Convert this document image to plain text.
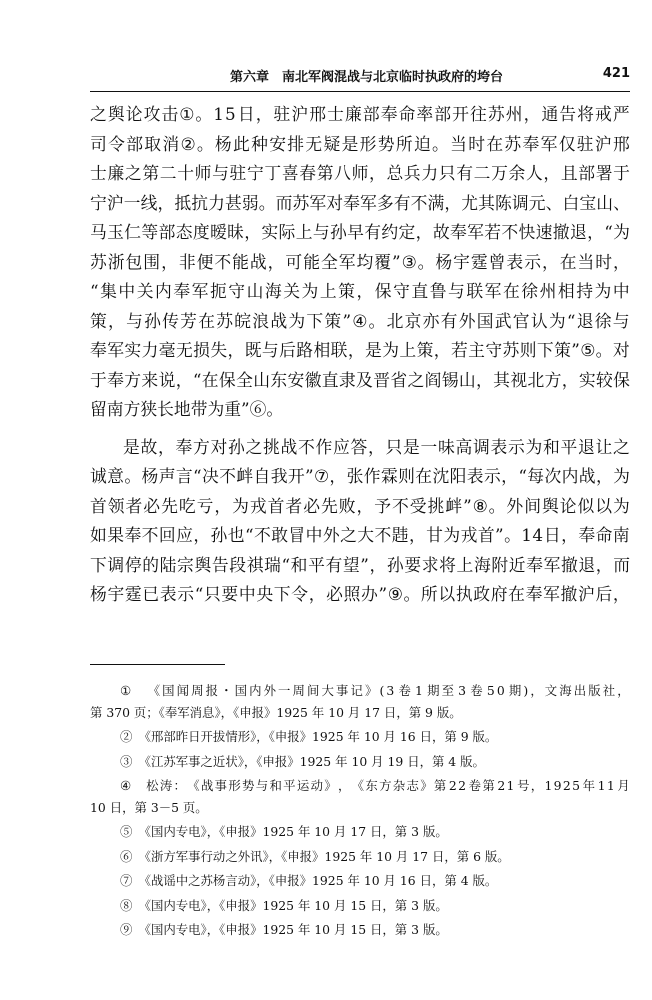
第六章　南北军阀混战与北京临时执政府的垮台	421
之 舆 论 攻 击 ① 。 1 5 日 ， 驻 沪 邢 士 廉 部 奉 命 率 部 开 往 苏 州 ， 通 告 将 戒 严
司 令 部 取 消 ② 。 杨 此 种 安 排 无 疑 是 形 势 所 迫 。 当 时 在 苏 奉 军 仅 驻 沪 邢
士 廉 之 第 二 十 师 与 驻 宁 丁 喜 春 第 八 师 ， 总 兵 力 只 有 二 万 余 人 ， 且 部 署 于
宁 沪 一 线 ， 抵 抗 力 甚 弱 。 而 苏 军 对 奉 军 多 有 不 满 ， 尤 其 陈 调 元 、 白 宝 山 、
马 玉 仁 等 部 态 度 暧 昧 ， 实 际 上 与 孙 早 有 约 定 ， 故 奉 军 若 不 快 速 撤 退 ， “ 为
苏 浙 包 围 ， 非 便 不 能 战 ， 可 能 全 军 均 覆 ” ③ 。 杨 宇 霆 曾 表 示 ， 在 当 时 ，
“ 集 中 关 内 奉 军 扼 守 山 海 关 为 上 策 ， 保 守 直 鲁 与 联 军 在 徐 州 相 持 为 中
策 ， 与 孙 传 芳 在 苏 皖 浪 战 为 下 策 ” ④ 。 北 京 亦 有 外 国 武 官 认 为 “ 退 徐 与
奉 军 实 力 毫 无 损 失 ， 既 与 后 路 相 联 ， 是 为 上 策 ， 若 主 守 苏 则 下 策 ” ⑤ 。 对
于 奉 方 来 说 ， “ 在 保 全 山 东 安 徽 直 隶 及 晋 省 之 阎 锡 山 ， 其 视 北 方 ， 实 较 保
留南方狭长地带为重”⑥。
是 故 ， 奉 方 对 孙 之 挑 战 不 作 应 答 ， 只 是 一 味 高 调 表 示 为 和 平 退 让 之
诚 意 。 杨 声 言 “ 决 不 衅 自 我 开 ” ⑦ ， 张 作 霖 则 在 沈 阳 表 示 ， “ 每 次 内 战 ， 为
首 领 者 必 先 吃 亏 ， 为 戎 首 者 必 先 败 ， 予 不 受 挑 衅 ” ⑧ 。 外 间 舆 论 似 以 为
如 果 奉 不 回 应 ， 孙 也 “ 不 敢 冒 中 外 之 大 不 韪 ， 甘 为 戎 首 ” 。 1 4 日 ， 奉 命 南
下 调 停 的 陆 宗 舆 告 段 祺 瑞 “ 和 平 有 望 ” ， 孙 要 求 将 上 海 附 近 奉 军 撤 退 ， 而
杨 宇 霆 已 表 示 “ 只 要 中 央 下 令 ， 必 照 办 ” ⑨ 。 所 以 执 政 府 在 奉 军 撤 沪 后 ，
①
　 《 国 闻 周 报 ・ 国 内 外 一 周 间 大 事 记 》 ( 3 卷 1 期 至 3 卷 5 0 期 ) ， 文 海 出 版 社 ，
第 370 页；《奉军消息》，《申报》1925 年 10 月 17 日，第 9 版。
②　《邢部昨日开拔情形》，《申报》1925 年 10 月 16 日，第 9 版。
③　《江苏军事之近状》，《申报》1925 年 10 月 19 日，第 4 版。
④
　 松 涛 ： 《 战 事 形 势 与 和 平 运 动 》 ， 《 东 方 杂 志 》 第 2 2 卷 第 2 1 号 ， 1 9 2 5 年 1 1 月
10 日，第 3－5 页。
⑤　《国内专电》，《申报》1925 年 10 月 17 日，第 3 版。
⑥　《浙方军事行动之外讯》，《申报》1925 年 10 月 17 日，第 6 版。
⑦　《战谣中之苏杨言动》，《申报》1925 年 10 月 16 日，第 4 版。
⑧　《国内专电》，《申报》1925 年 10 月 15 日，第 3 版。
⑨　《国内专电》，《申报》1925 年 10 月 15 日，第 3 版。
